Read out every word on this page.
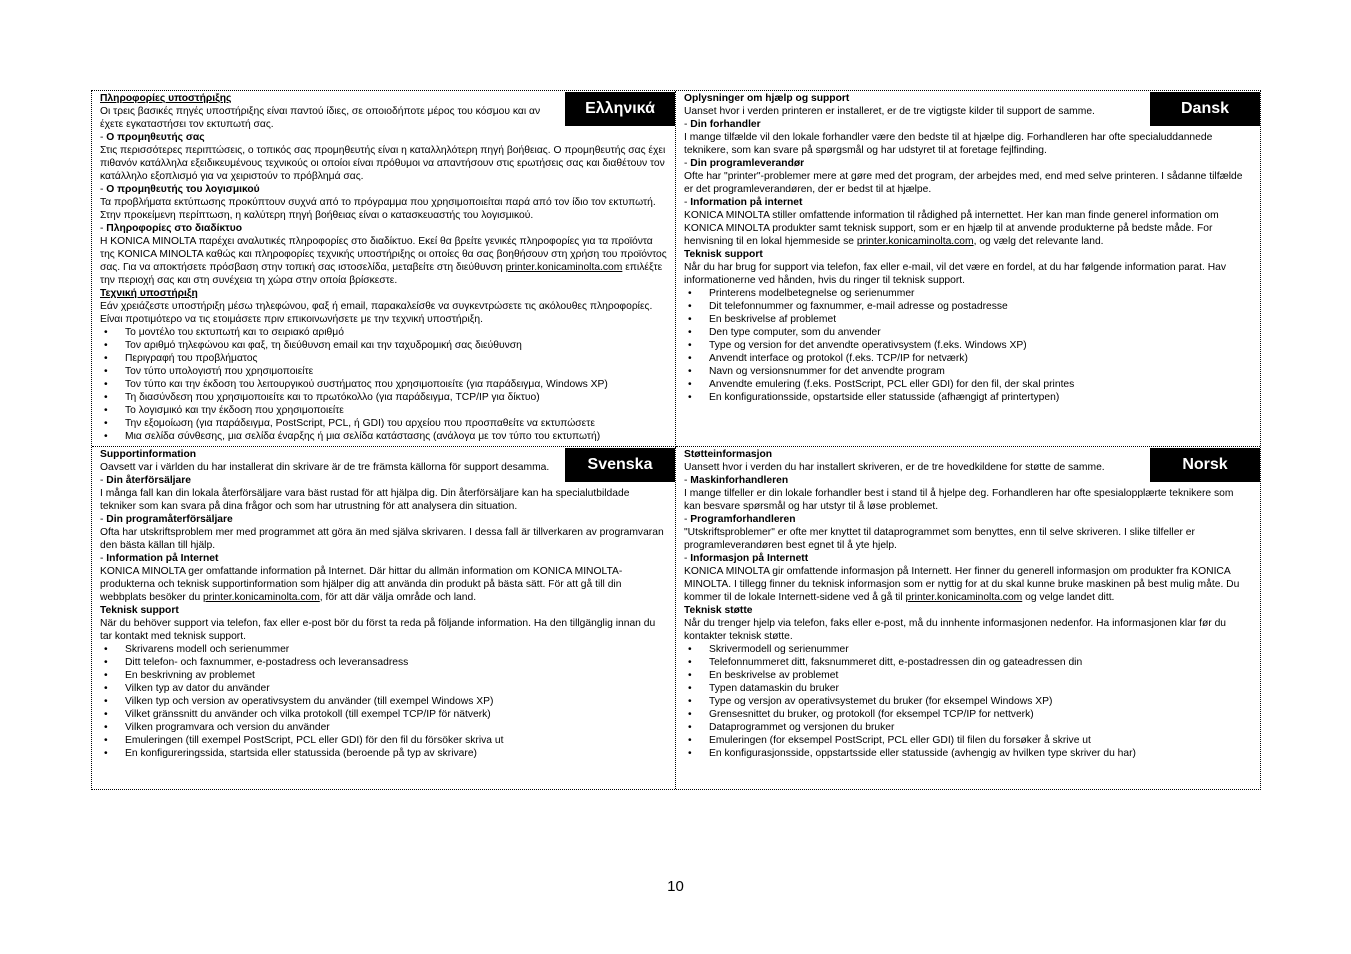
Ελληνικά

Πληροφορίες υποστήριξης

Οι τρεις βασικές πηγές υποστήριξης είναι παντού ίδιες, σε οποιοδήποτε μέρος του κόσμου και αν έχετε εγκαταστήσει τον εκτυπωτή σας.

- Ο προμηθευτής σας

Στις περισσότερες περιπτώσεις, ο τοπικός σας προμηθευτής είναι η καταλληλότερη πηγή βοήθειας. Ο προμηθευτής σας έχει πιθανόν κατάλληλα εξειδικευμένους τεχνικούς οι οποίοι είναι πρόθυμοι να απαντήσουν στις ερωτήσεις σας και διαθέτουν τον κατάλληλο εξοπλισμό για να χειριστούν το πρόβλημά σας.

- Ο προμηθευτής του λογισμικού

Τα προβλήματα εκτύπωσης προκύπτουν συχνά από το πρόγραμμα που χρησιμοποιείται παρά από τον ίδιο τον εκτυπωτή. Στην προκείμενη περίπτωση, η καλύτερη πηγή βοήθειας είναι ο κατασκευαστής του λογισμικού.

- Πληροφορίες στο διαδίκτυο

Η KONICA MINOLTA παρέχει αναλυτικές πληροφορίες στο διαδίκτυο. Εκεί θα βρείτε γενικές πληροφορίες για τα προϊόντα της KONICA MINOLTA καθώς και πληροφορίες τεχνικής υποστήριξης οι οποίες θα σας βοηθήσουν στη χρήση του προϊόντος σας. Για να αποκτήσετε πρόσβαση στην τοπική σας ιστοσελίδα, μεταβείτε στη διεύθυνση printer.konicaminolta.com επιλέξτε την περιοχή σας και στη συνέχεια τη χώρα στην οποία βρίσκεστε.

Τεχνική υποστήριξη

Εάν χρειάζεστε υποστήριξη μέσω τηλεφώνου, φαξ ή email, παρακαλείσθε να συγκεντρώσετε τις ακόλουθες πληροφορίες. Είναι προτιμότερο να τις ετοιμάσετε πριν επικοινωνήσετε με την τεχνική υποστήριξη.

• Το μοντέλο του εκτυπωτή και το σειριακό αριθμό
• Τον αριθμό τηλεφώνου και φαξ, τη διεύθυνση email και την ταχυδρομική σας διεύθυνση
• Περιγραφή του προβλήματος
• Τον τύπο υπολογιστή που χρησιμοποιείτε
• Τον τύπο και την έκδοση του λειτουργικού συστήματος που χρησιμοποιείτε (για παράδειγμα, Windows XP)
• Τη διασύνδεση που χρησιμοποιείτε και το πρωτόκολλο (για παράδειγμα, TCP/IP για δίκτυο)
• Το λογισμικό και την έκδοση που χρησιμοποιείτε
• Την εξομοίωση (για παράδειγμα, PostScript, PCL, ή GDI) του αρχείου που προσπαθείτε να εκτυπώσετε
• Μια σελίδα σύνθεσης, μια σελίδα έναρξης ή μια σελίδα κατάστασης (ανάλογα με τον τύπο του εκτυπωτή)
Dansk

Oplysninger om hjælp og support

Uanset hvor i verden printeren er installeret, er de tre vigtigste kilder til support de samme.

- Din forhandler

I mange tilfælde vil den lokale forhandler være den bedste til at hjælpe dig. Forhandleren har ofte specialuddannede teknikere, som kan svare på spørgsmål og har udstyret til at foretage fejlfinding.

- Din programleverandør

Ofte har "printer"-problemer mere at gøre med det program, der arbejdes med, end med selve printeren. I sådanne tilfælde er det programleverandøren, der er bedst til at hjælpe.

- Information på internet

KONICA MINOLTA stiller omfattende information til rådighed på internettet. Her kan man finde generel information om KONICA MINOLTA produkter samt teknisk support, som er en hjælp til at anvende produkterne på bedste måde. For henvisning til en lokal hjemmeside se printer.konicaminolta.com, og vælg det relevante land.

Teknisk support

Når du har brug for support via telefon, fax eller e-mail, vil det være en fordel, at du har følgende information parat. Hav informationerne ved hånden, hvis du ringer til teknisk support.

• Printerens modelbetegnelse og serienummer
• Dit telefonnummer og faxnummer, e-mail adresse og postadresse
• En beskrivelse af problemet
• Den type computer, som du anvender
• Type og version for det anvendte operativsystem (f.eks. Windows XP)
• Anvendt interface og protokol (f.eks. TCP/IP for netværk)
• Navn og versionsnummer for det anvendte program
• Anvendte emulering (f.eks. PostScript, PCL eller GDI) for den fil, der skal printes
• En konfigurationsside, opstartside eller statusside (afhængigt af printertypen)
Svenska

Supportinformation

Oavsett var i världen du har installerat din skrivare är de tre främsta källorna för support desamma.

- Din återförsäljare

I många fall kan din lokala återförsäljare vara bäst rustad för att hjälpa dig. Din återförsäljare kan ha specialutbildade tekniker som kan svara på dina frågor och som har utrustning för att analysera din situation.

- Din programåterförsäljare

Ofta har utskriftsproblem mer med programmet att göra än med själva skrivaren. I dessa fall är tillverkaren av programvaran den bästa källan till hjälp.

- Information på Internet

KONICA MINOLTA ger omfattande information på Internet. Där hittar du allmän information om KONICA MINOLTA-produkterna och teknisk supportinformation som hjälper dig att använda din produkt på bästa sätt. För att gå till din webbplats besöker du printer.konicaminolta.com, för att där välja område och land.

Teknisk support

När du behöver support via telefon, fax eller e-post bör du först ta reda på följande information. Ha den tillgänglig innan du tar kontakt med teknisk support.

• Skrivarens modell och serienummer
• Ditt telefon- och faxnummer, e-postadress och leveransadress
• En beskrivning av problemet
• Vilken typ av dator du använder
• Vilken typ och version av operativsystem du använder (till exempel Windows XP)
• Vilket gränssnitt du använder och vilka protokoll (till exempel TCP/IP för nätverk)
• Vilken programvara och version du använder
• Emuleringen (till exempel PostScript, PCL eller GDI) för den fil du försöker skriva ut
• En konfigureringssida, startsida eller statussida (beroende på typ av skrivare)
Norsk

Støtteinformasjon

Uansett hvor i verden du har installert skriveren, er de tre hovedkildene for støtte de samme.

- Maskinforhandleren

I mange tilfeller er din lokale forhandler best i stand til å hjelpe deg. Forhandleren har ofte spesialopplærte teknikere som kan besvare spørsmål og har utstyr til å løse problemet.

- Programforhandleren

"Utskriftsproblemer" er ofte mer knyttet til dataprogrammet som benyttes, enn til selve skriveren. I slike tilfeller er programleverandøren best egnet til å yte hjelp.

- Informasjon på Internett

KONICA MINOLTA gir omfattende informasjon på Internett. Her finner du generell informasjon om produkter fra KONICA MINOLTA. I tillegg finner du teknisk informasjon som er nyttig for at du skal kunne bruke maskinen på best mulig måte. Du kommer til de lokale Internett-sidene ved å gå til printer.konicaminolta.com og velge landet ditt.

Teknisk støtte

Når du trenger hjelp via telefon, faks eller e-post, må du innhente informasjonen nedenfor. Ha informasjonen klar før du kontakter teknisk støtte.

• Skrivermodell og serienummer
• Telefonnummeret ditt, faksnummeret ditt, e-postadressen din og gateadressen din
• En beskrivelse av problemet
• Typen datamaskin du bruker
• Type og versjon av operativsystemet du bruker (for eksempel Windows XP)
• Grensesnittet du bruker, og protokoll (for eksempel TCP/IP for nettverk)
• Dataprogrammet og versjonen du bruker
• Emuleringen (for eksempel PostScript, PCL eller GDI) til filen du forsøker å skrive ut
• En konfigurasjonsside, oppstartsside eller statusside (avhengig av hvilken type skriver du har)
10
